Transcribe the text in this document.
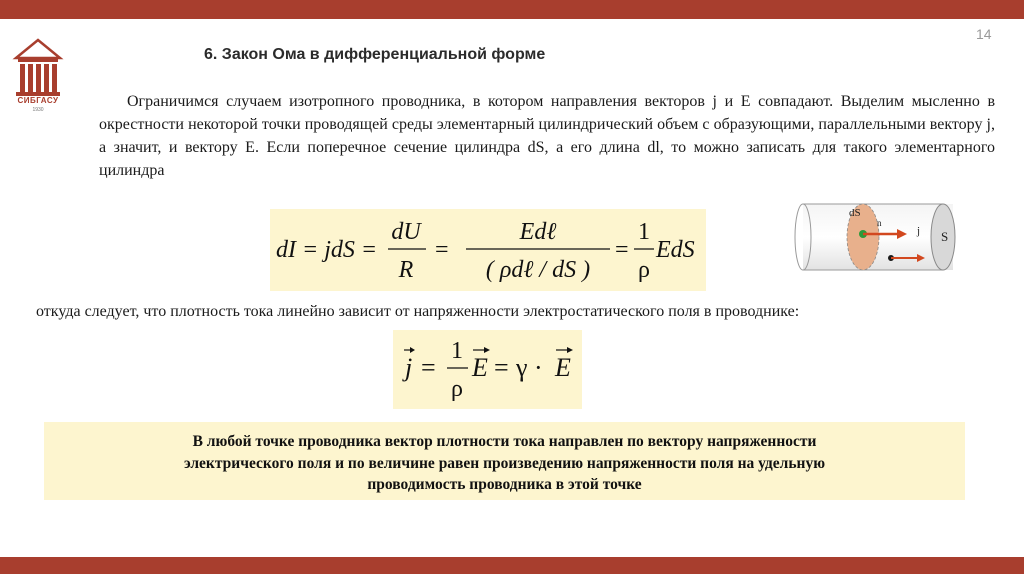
14
СИБГАСУ
1930
6. Закон Ома в дифференциальной форме
Ограничимся случаем изотропного проводника, в котором направления векторов j и E совпадают. Выделим мысленно в окрестности некоторой точки проводящей среды элементарный цилиндрический объем с образующими, параллельными вектору j, а значит, и вектору E. Если поперечное сечение цилиндра dS, а его длина dl, то можно записать для такого элементарного цилиндра
dI = jdS =
dU
R
=
Edℓ
( ρdℓ / dS )
=
1
ρ
EdS
dS
n
j S
откуда следует, что плотность тока линейно зависит от напряженности электростатического поля в проводнике:
j =
1
ρ
E = γ · E
В любой точке проводника вектор плотности тока направлен по вектору напряженности
электрического поля и по величине равен произведению напряженности поля на удельную
проводимость проводника в этой точке
